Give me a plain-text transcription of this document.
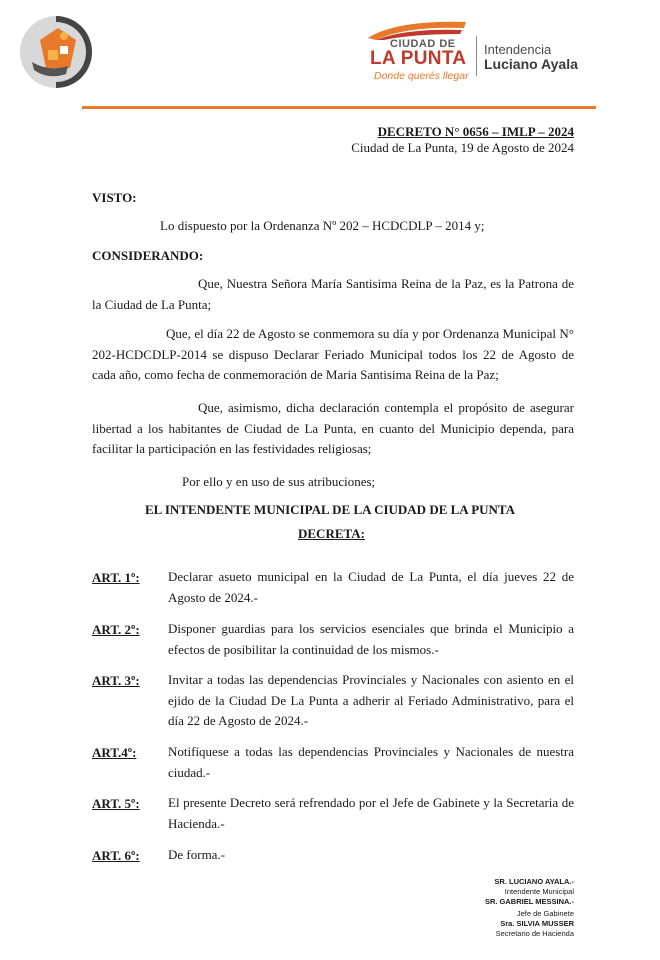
CIUDAD DE
LA PUNTA
Donde querés llegar
Intendencia
Luciano Ayala
DECRETO N° 0656 – IMLP – 2024
Ciudad de La Punta, 19 de Agosto de 2024
VISTO:
Lo dispuesto por la Ordenanza Nº 202 – HCDCDLP – 2014 y;
CONSIDERANDO:
Que, Nuestra Señora María Santisima Reina de la Paz, es la Patrona de la Ciudad de La Punta;
Que, el día 22 de Agosto se conmemora su día y por Ordenanza Municipal N° 202-HCDCDLP-2014 se dispuso Declarar Feriado Municipal todos los 22 de Agosto de cada año, como fecha de conmemoración de Maria Santisima Reina de la Paz;
Que, asimismo, dicha declaración contempla el propósito de asegurar libertad a los habitantes de Ciudad de La Punta, en cuanto del Municipio dependa, para facilitar la participación en las festividades religiosas;
Por ello y en uso de sus atribuciones;
EL INTENDENTE MUNICIPAL DE LA CIUDAD DE LA PUNTA
DECRETA:
ART. 1º: Declarar asueto municipal en la Ciudad de La Punta, el día jueves 22 de Agosto de 2024.-
ART. 2º: Disponer guardias para los servicios esenciales que brinda el Municipio a efectos de posibilitar la continuidad de los mismos.-
ART. 3º: Invitar a todas las dependencias Provinciales y Nacionales con asiento en el ejido de la Ciudad De La Punta a adherir al Feriado Administrativo, para el día 22 de Agosto de 2024.-
ART.4º: Notifíquese a todas las dependencias Provinciales y Nacionales de nuestra ciudad.-
ART. 5º: El presente Decreto será refrendado por el Jefe de Gabinete y la Secretaria de Hacienda.-
ART. 6º: De forma.-
SR. LUCIANO AYALA.-
Intendente Municipal
SR. GABRIEL MESSINA.-
Jefe de Gabinete
Sra. SILVIA MUSSER
Secretario de Hacienda
